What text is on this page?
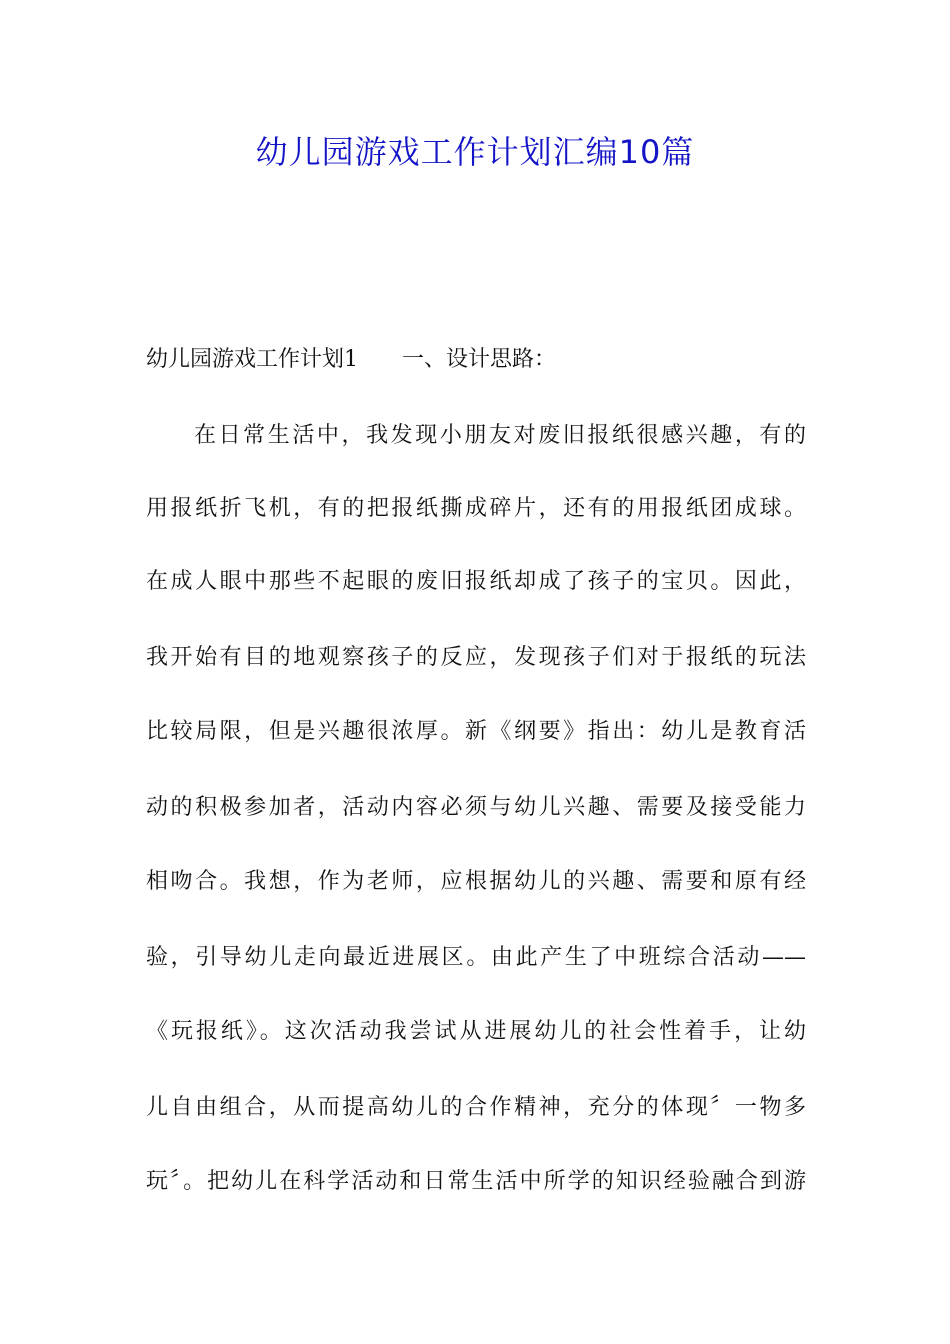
幼儿园游戏工作计划汇编10篇
幼儿园游戏工作计划1 一、设计思路：
在日常生活中，我发现小朋友对废旧报纸很感兴趣，有的
用报纸折飞机，有的把报纸撕成碎片，还有的用报纸团成球。
在成人眼中那些不起眼的废旧报纸却成了孩子的宝贝。因此，
我开始有目的地观察孩子的反应，发现孩子们对于报纸的玩法
比较局限，但是兴趣很浓厚。新《纲要》指出：幼儿是教育活
动的积极参加者，活动内容必须与幼儿兴趣、需要及接受能力
相吻合。我想，作为老师，应根据幼儿的兴趣、需要和原有经
验，引导幼儿走向最近进展区。由此产生了中班综合活动——
《玩报纸》。这次活动我尝试从进展幼儿的社会性着手，让幼
儿自由组合，从而提高幼儿的合作精神，充分的体现〞一物多
玩〞。把幼儿在科学活动和日常生活中所学的知识经验融合到游
